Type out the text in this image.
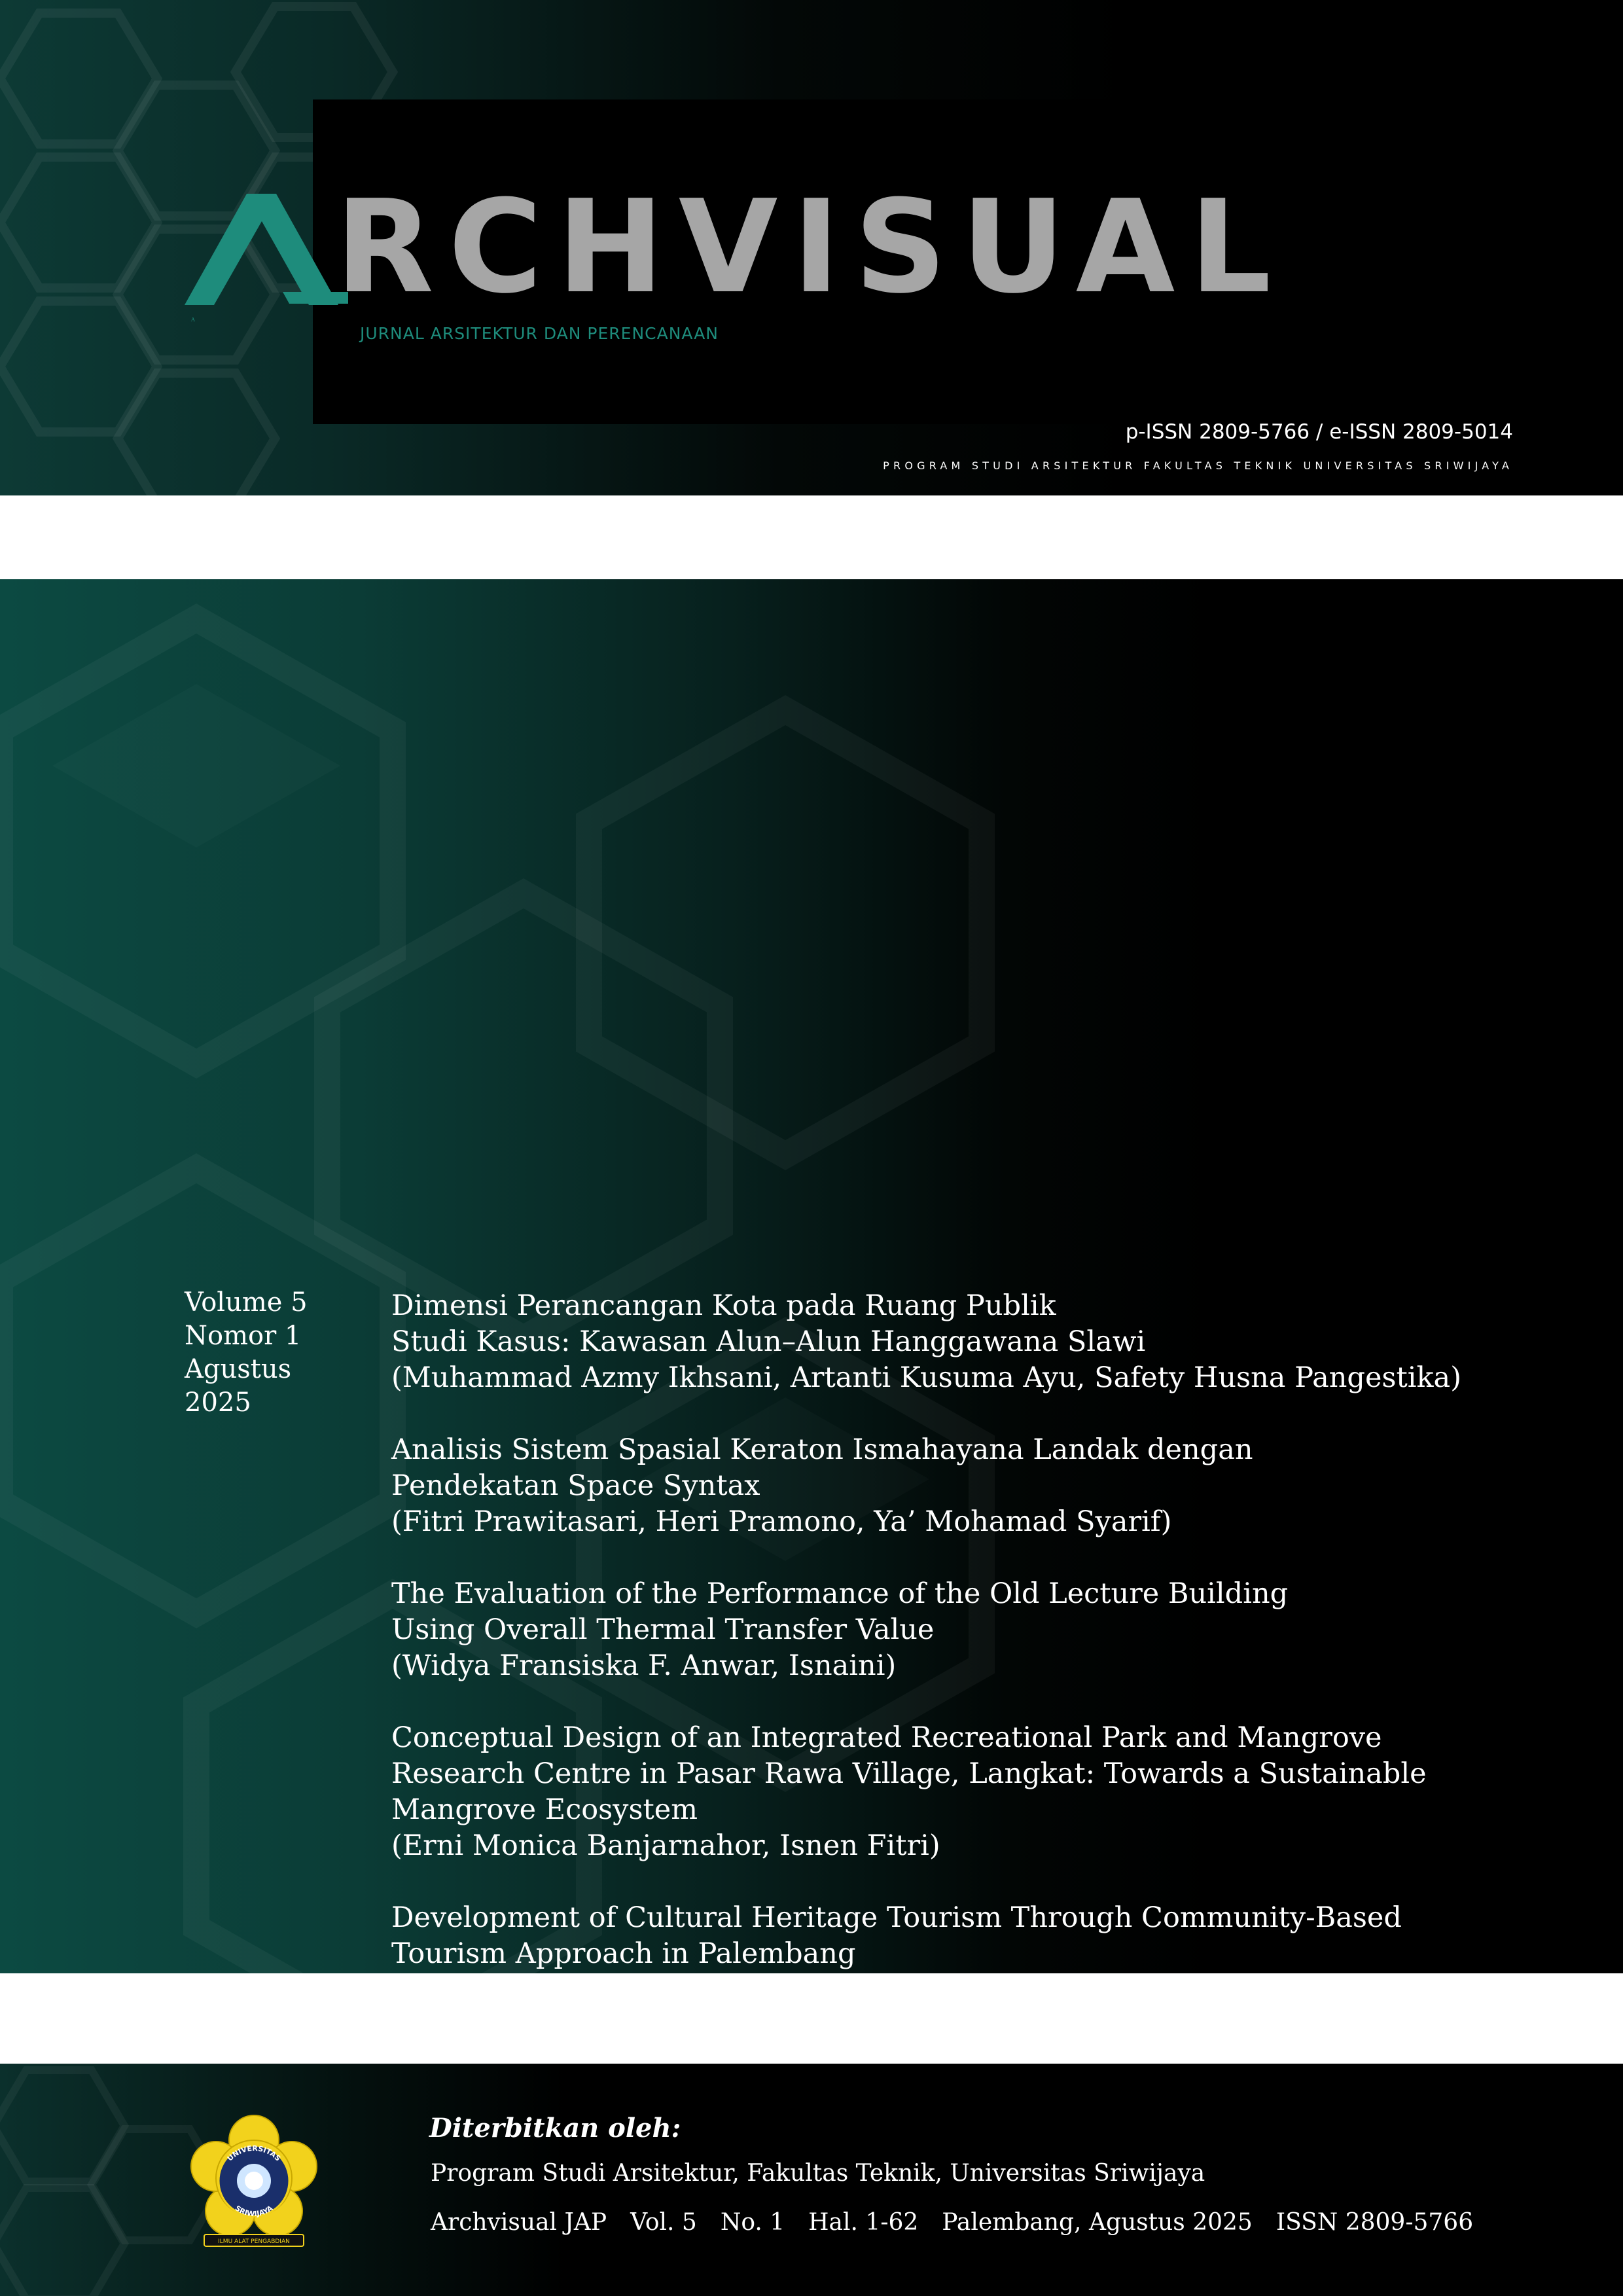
A RCHVISUAL
JURNAL ARSITEKTUR DAN PERENCANAAN
p-ISSN 2809-5766 / e-ISSN 2809-5014
PROGRAM STUDI ARSITEKTUR FAKULTAS TEKNIK UNIVERSITAS SRIWIJAYA
Volume 5
Nomor 1
Agustus
2025
Dimensi Perancangan Kota pada Ruang Publik
Studi Kasus: Kawasan Alun–Alun Hanggawana Slawi
(Muhammad Azmy Ikhsani, Artanti Kusuma Ayu, Safety Husna Pangestika)
Analisis Sistem Spasial Keraton Ismahayana Landak dengan
Pendekatan Space Syntax
(Fitri Prawitasari, Heri Pramono, Ya’ Mohamad Syarif)
The Evaluation of the Performance of the Old Lecture Building
Using Overall Thermal Transfer Value
(Widya Fransiska F. Anwar, Isnaini)
Conceptual Design of an Integrated Recreational Park and Mangrove
Research Centre in Pasar Rawa Village, Langkat: Towards a Sustainable
Mangrove Ecosystem
(Erni Monica Banjarnahor, Isnen Fitri)
Development of Cultural Heritage Tourism Through Community-Based
Tourism Approach in Palembang
UNIVERSITAS
SRIWIJAYA
ILMU ALAT PENGABDIAN
Diterbitkan oleh:
Program Studi Arsitektur, Fakultas Teknik, Universitas Sriwijaya
Archvisual JAP Vol. 5 No. 1 Hal. 1-62 Palembang, Agustus 2025 ISSN 2809-5766
